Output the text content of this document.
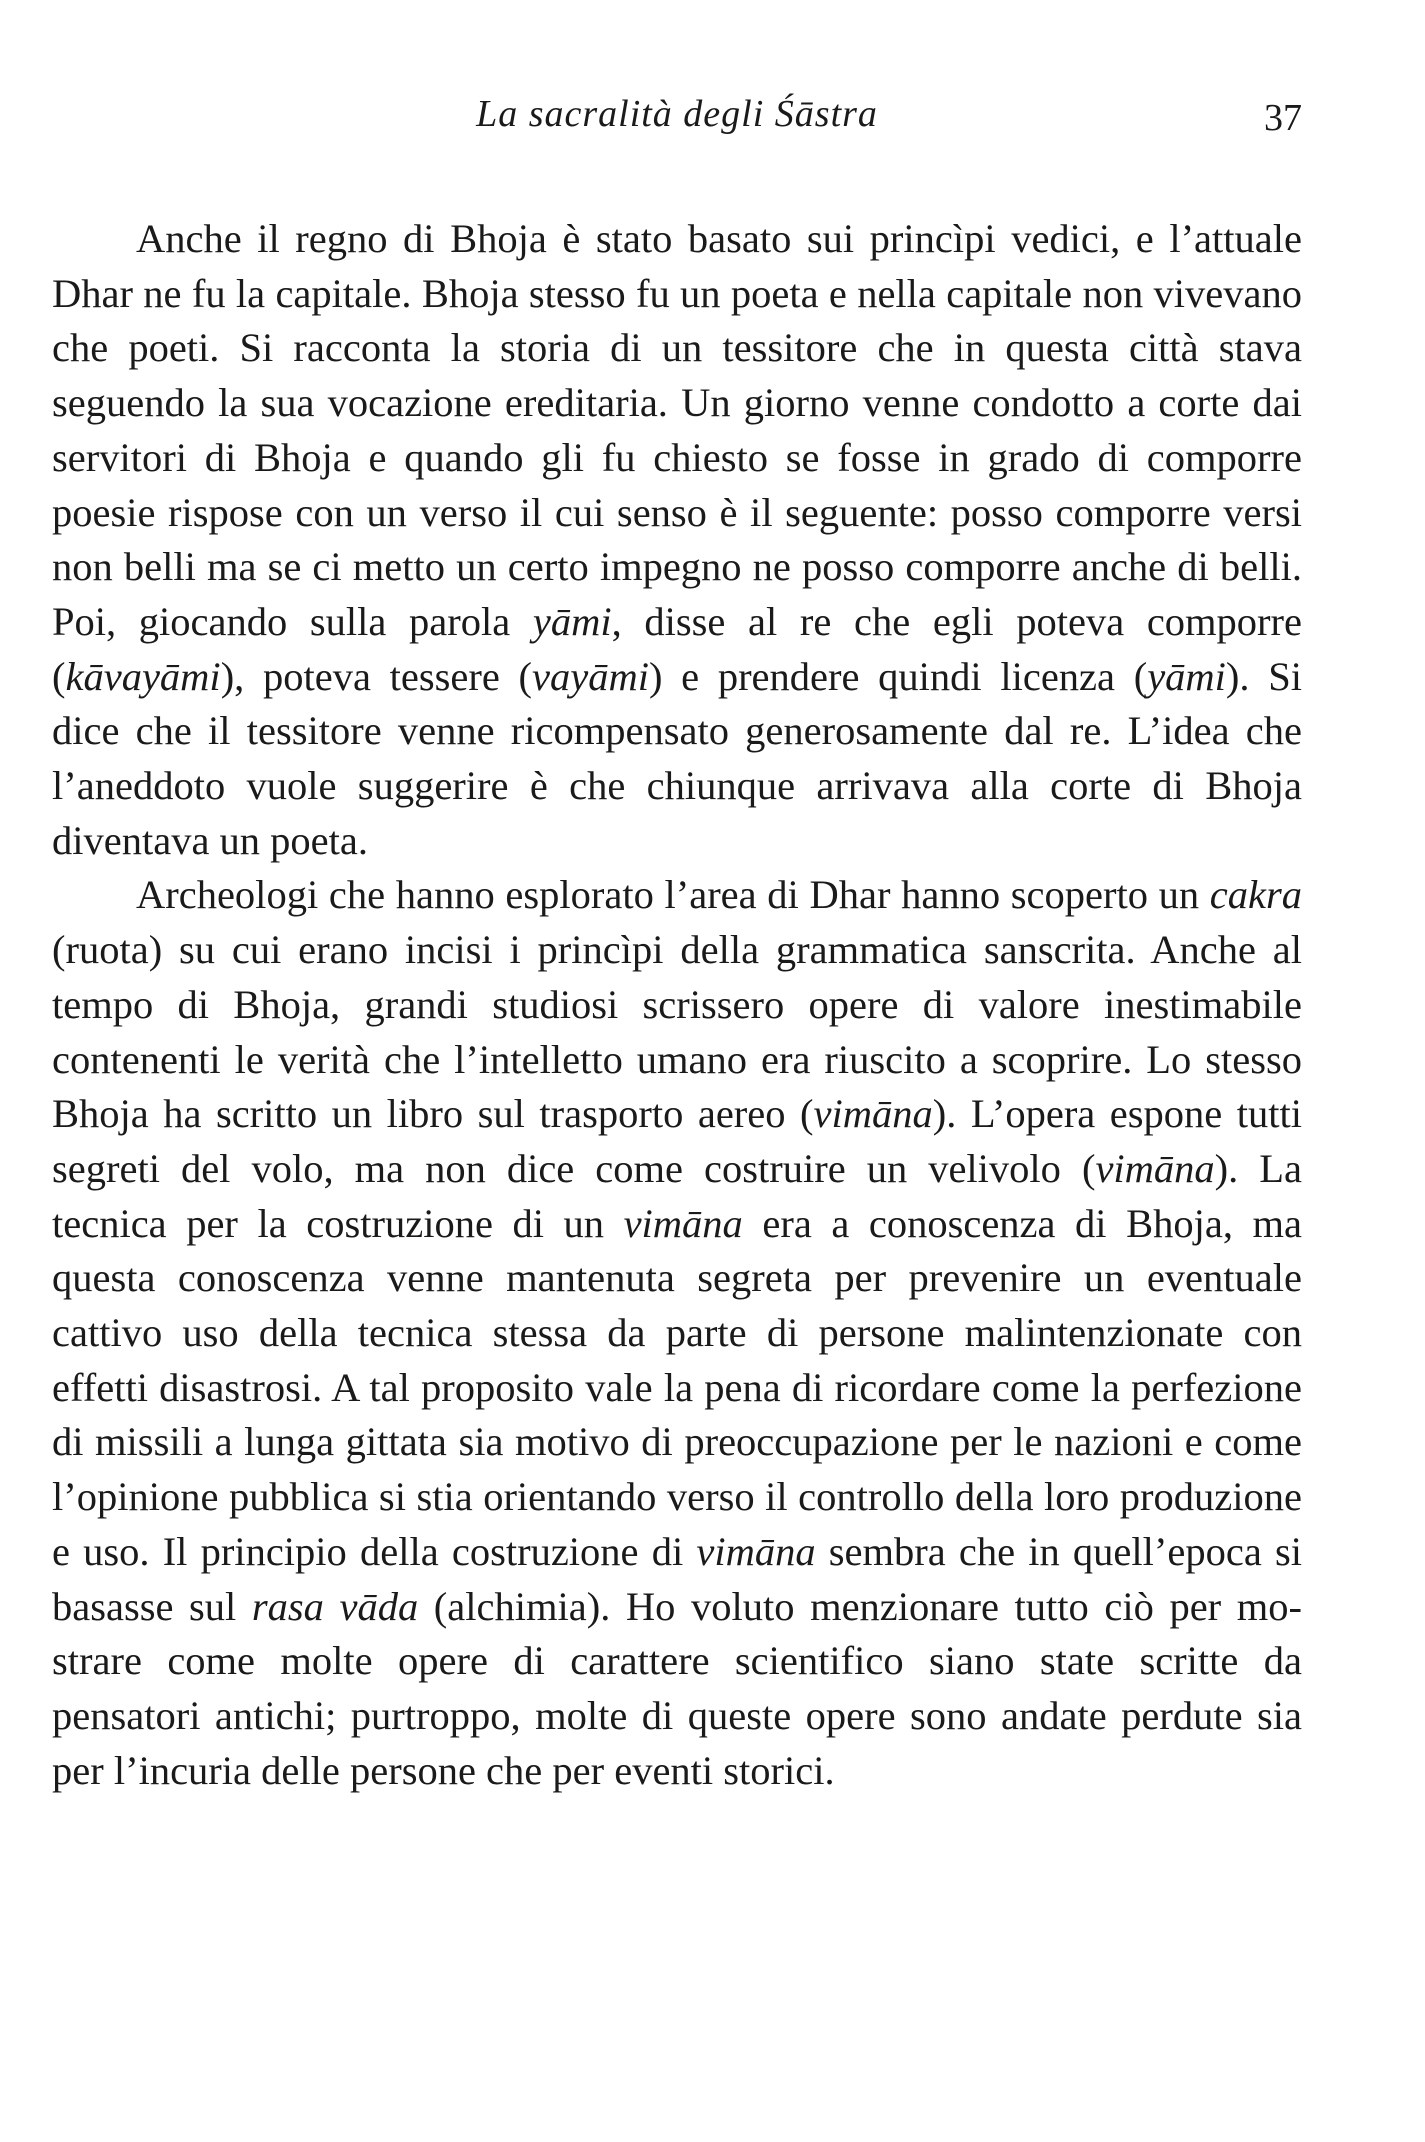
La sacralità degli Śāstra	37

Anche il regno di Bhoja è stato basato sui princìpi vedici, e l’attuale Dhar ne fu la capitale. Bhoja stesso fu un poeta e nella capitale non vivevano che poeti. Si racconta la storia di un tessitore che in questa città stava seguendo la sua vocazione ereditaria. Un giorno venne condotto a corte dai servitori di Bhoja e quando gli fu chiesto se fosse in grado di comporre poesie rispose con un verso il cui senso è il seguente: posso comporre versi non belli ma se ci metto un certo impegno ne posso comporre anche di belli. Poi, giocando sulla parola yāmi, disse al re che egli poteva comporre (kāvayāmi), poteva tessere (vayāmi) e prendere quindi licenza (yāmi). Si dice che il tessitore venne ricompensato generosamente dal re. L’idea che l’aneddoto vuole suggerire è che chiunque arrivava alla corte di Bhoja diventava un poeta.

Archeologi che hanno esplorato l’area di Dhar hanno scoperto un cakra (ruota) su cui erano incisi i princìpi della grammatica sanscrita. Anche al tempo di Bhoja, grandi studiosi scrissero opere di valore inestimabile contenenti le verità che l’intelletto umano era riuscito a scoprire. Lo stesso Bhoja ha scritto un libro sul trasporto aereo (vimāna). L’opera espone tutti segreti del volo, ma non dice come costruire un velivolo (vimāna). La tecnica per la costruzione di un vimāna era a conoscenza di Bhoja, ma questa conoscenza venne mantenuta segreta per prevenire un eventuale cattivo uso della tecnica stessa da parte di persone malintenzionate con effetti disastrosi. A tal proposito vale la pena di ricordare come la perfezione di missili a lunga gittata sia motivo di preoccupazione per le nazioni e come l’opinione pubblica si stia orientando verso il controllo della loro produzione e uso. Il principio della costruzione di vimāna sembra che in quell’epoca si basasse sul rasa vāda (alchimia). Ho voluto menzionare tutto ciò per mostrare come molte opere di carattere scientifico siano state scritte da pensatori antichi; purtroppo, molte di queste opere sono andate perdute sia per l’incuria delle persone che per eventi storici.
